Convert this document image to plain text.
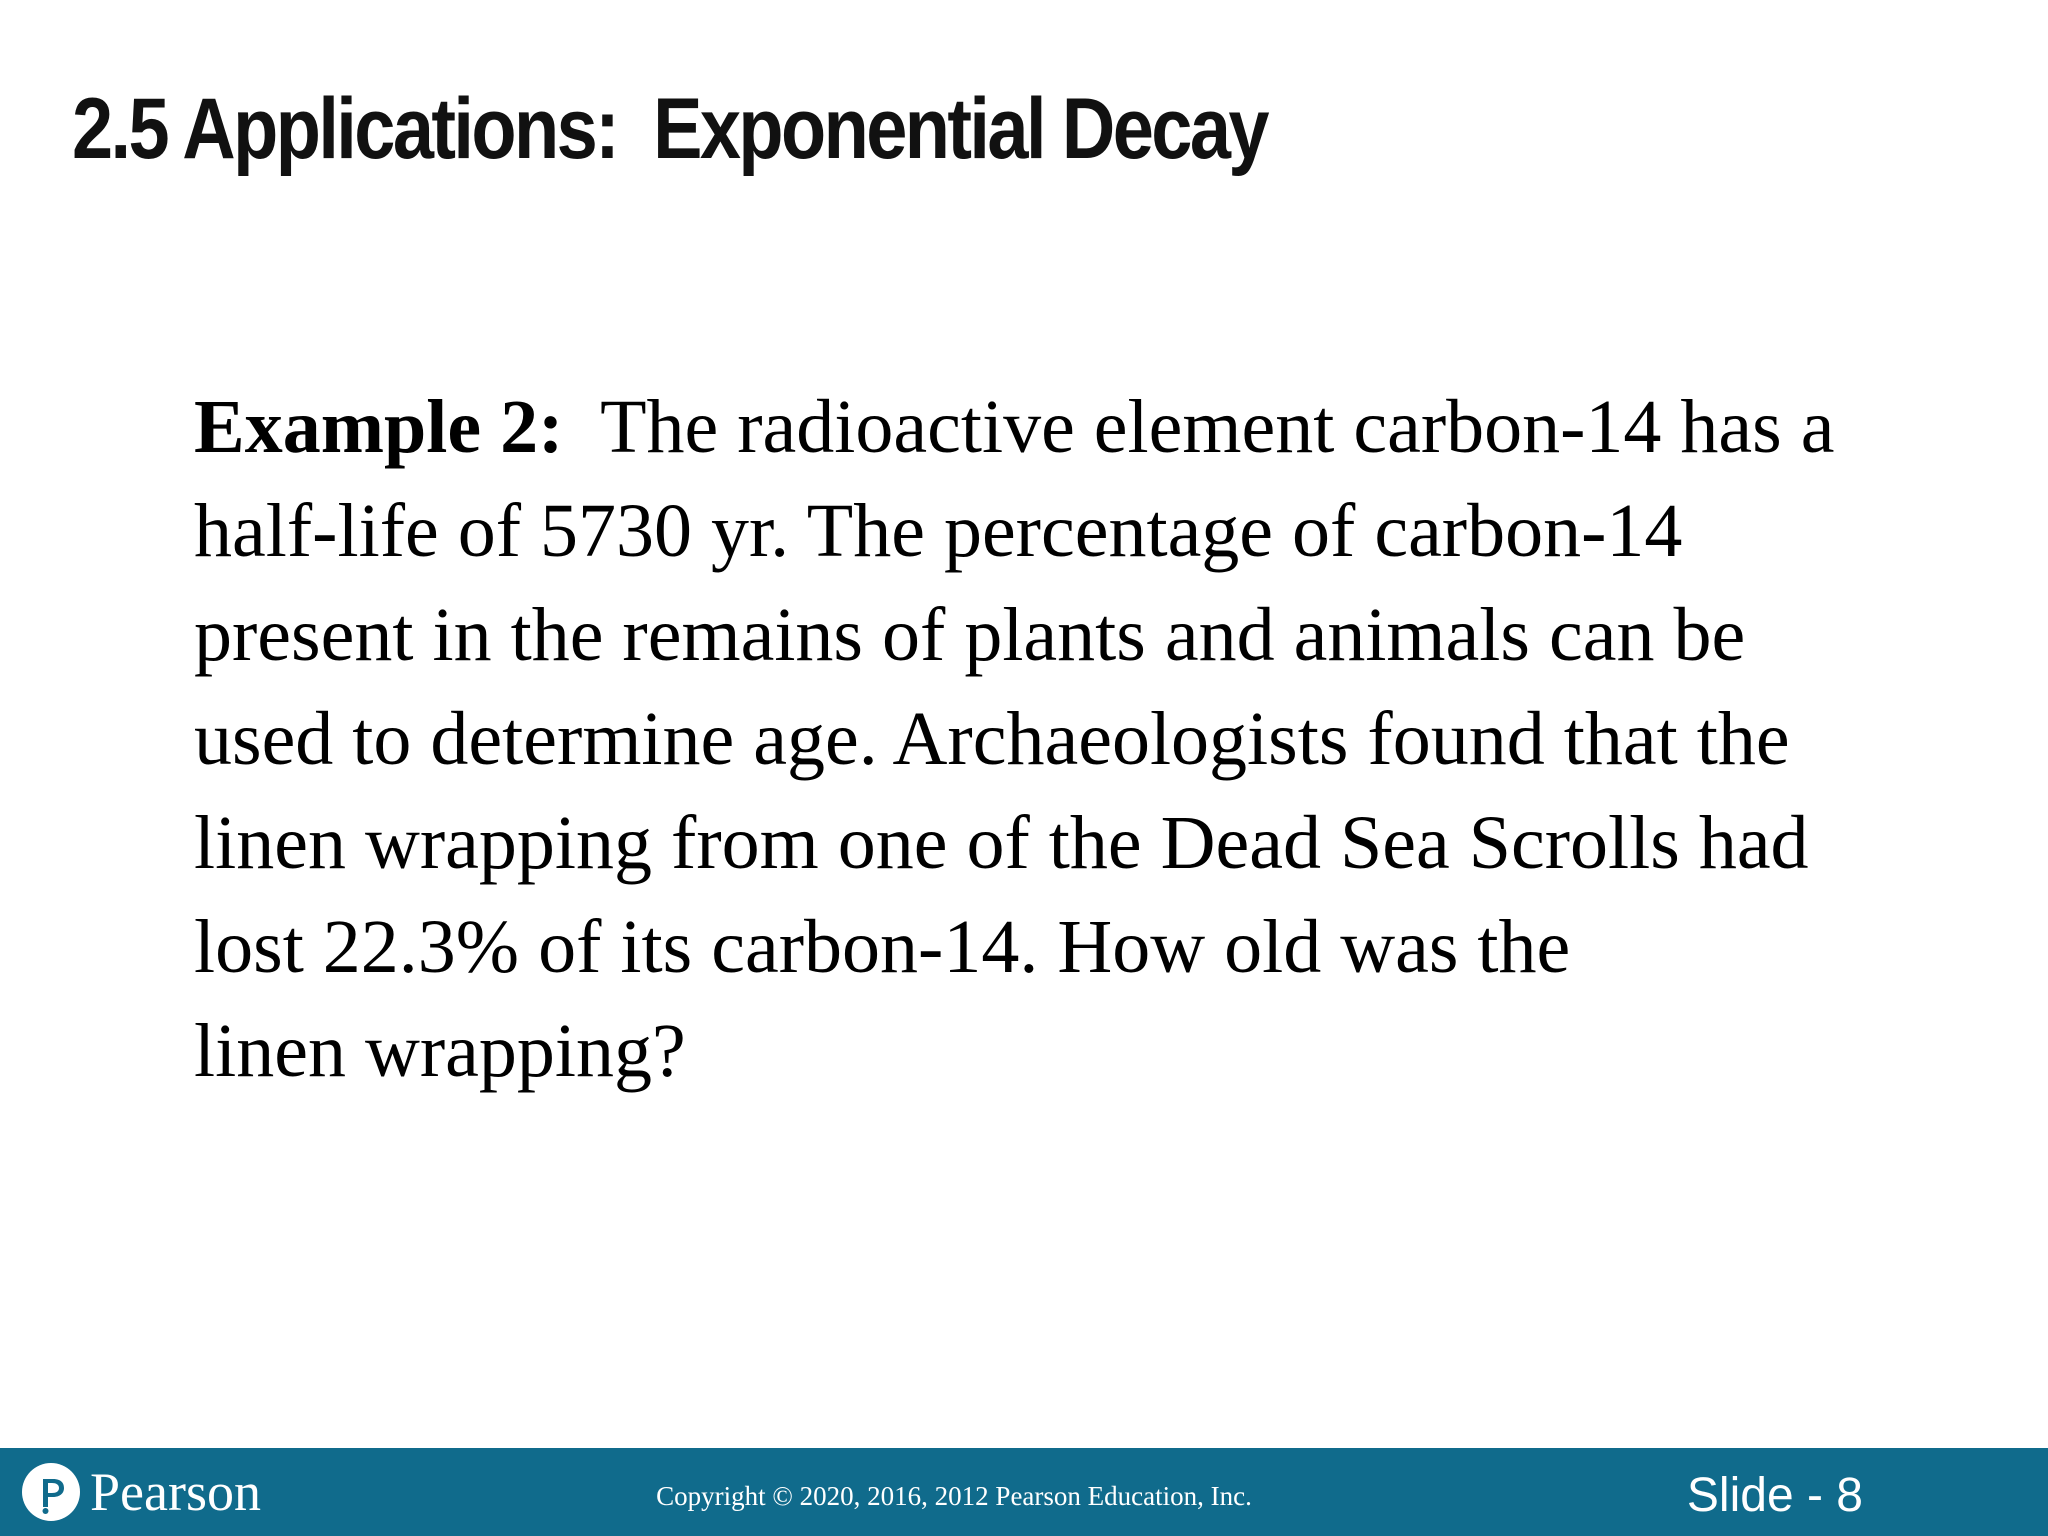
2.5 Applications:  Exponential Decay
Example 2:  The radioactive element carbon-14 has a
half-life of 5730 yr. The percentage of carbon-14
present in the remains of plants and animals can be
used to determine age. Archaeologists found that the
linen wrapping from one of the Dead Sea Scrolls had
lost 22.3% of its carbon-14. How old was the
linen wrapping?
Pearson	Copyright © 2020, 2016, 2012 Pearson Education, Inc.	Slide - 8
